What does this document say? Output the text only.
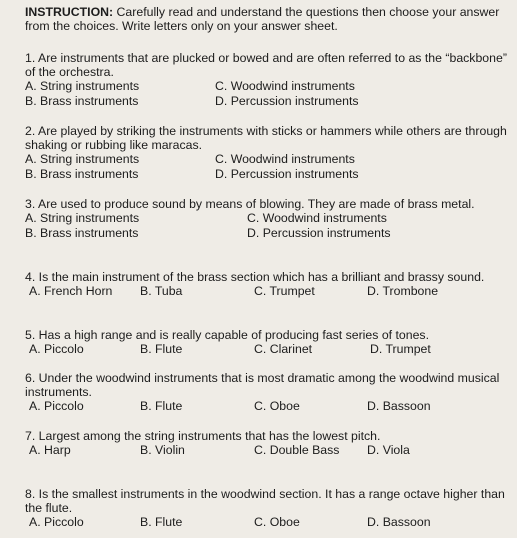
INSTRUCTION: Carefully read and understand the questions then choose your answer from the choices. Write letters only on your answer sheet.
1. Are instruments that are plucked or bowed and are often referred to as the “backbone” of the orchestra.
A. String instruments
B. Brass instruments
C. Woodwind instruments
D. Percussion instruments
2. Are played by striking the instruments with sticks or hammers while others are through shaking or rubbing like maracas.
A. String instruments
B. Brass instruments
C. Woodwind instruments
D. Percussion instruments
3. Are used to produce sound by means of blowing. They are made of brass metal.
A. String instruments
B. Brass instruments
C. Woodwind instruments
D. Percussion instruments
4. Is the main instrument of the brass section which has a brilliant and brassy sound.
A. French Horn B. Tuba	C. Trumpet	D. Trombone
5. Has a high range and is really capable of producing fast series of tones.
A. Piccolo	B. Flute	C. Clarinet	D. Trumpet
6. Under the woodwind instruments that is most dramatic among the woodwind musical instruments.
A. Piccolo	B. Flute	C. Oboe	D. Bassoon
7. Largest among the string instruments that has the lowest pitch.
A. Harp	B. Violin	C. Double Bass D. Viola
8. Is the smallest instruments in the woodwind section. It has a range octave higher than the flute.
A. Piccolo	B. Flute	C. Oboe	D. Bassoon
